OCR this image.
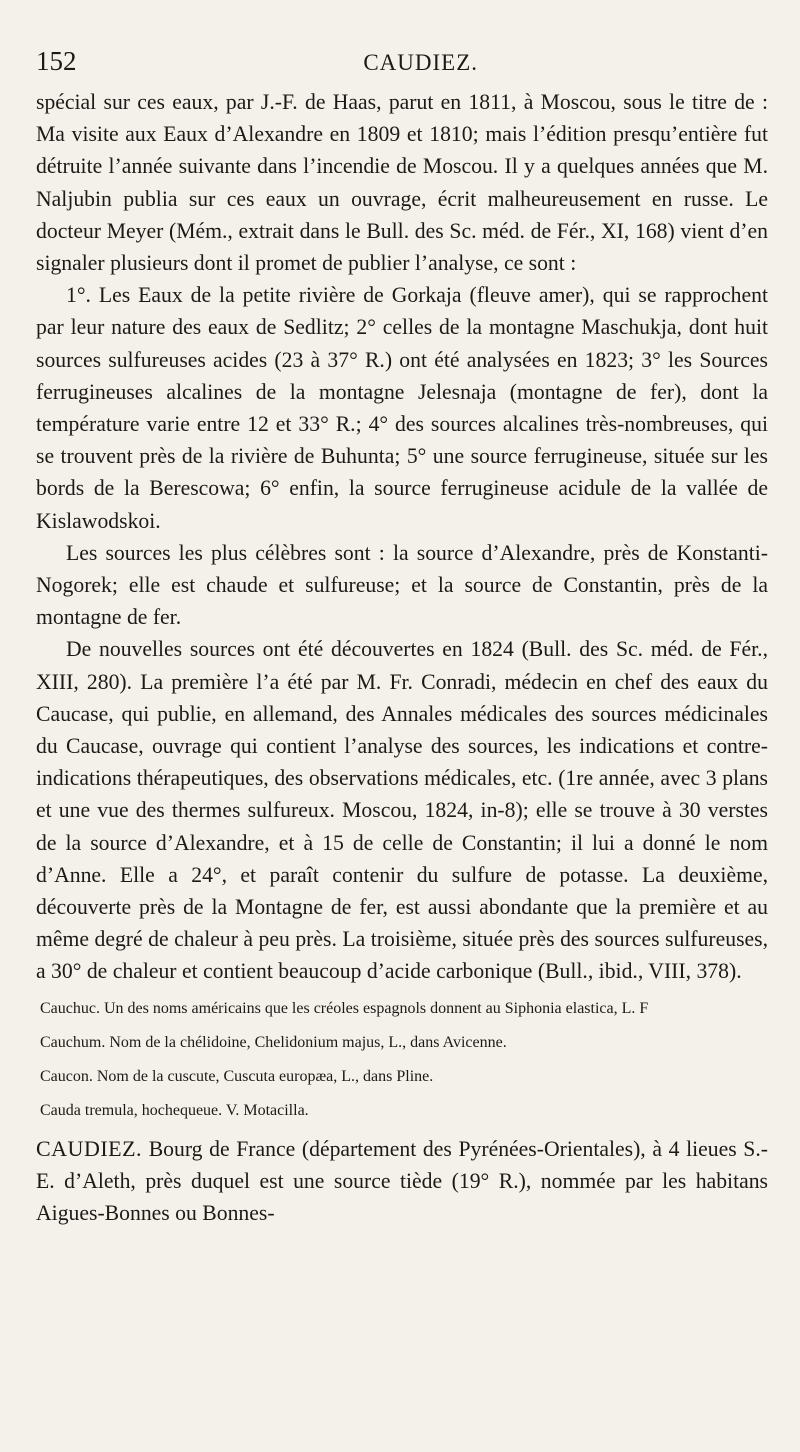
152	CAUDIEZ.

spécial sur ces eaux, par J.-F. de Haas, parut en 1811, à Moscou, sous le titre de : Ma visite aux Eaux d’Alexandre en 1809 et 1810; mais l’édition presqu’entière fut détruite l’année suivante dans l’incendie de Moscou. Il y a quelques années que M. Naljubin publia sur ces eaux un ouvrage, écrit malheureusement en russe. Le docteur Meyer (Mém., extrait dans le Bull. des Sc. méd. de Fér., XI, 168) vient d’en signaler plusieurs dont il promet de publier l’analyse, ce sont :

1°. Les Eaux de la petite rivière de Gorkaja (fleuve amer), qui se rapprochent par leur nature des eaux de Sedlitz; 2° celles de la montagne Maschukja, dont huit sources sulfureuses acides (23 à 37° R.) ont été analysées en 1823; 3° les Sources ferrugineuses alcalines de la montagne Jelesnaja (montagne de fer), dont la température varie entre 12 et 33° R.; 4° des sources alcalines très-nombreuses, qui se trouvent près de la rivière de Buhunta; 5° une source ferrugineuse, située sur les bords de la Berescowa; 6° enfin, la source ferrugineuse acidule de la vallée de Kislawodskoi.

Les sources les plus célèbres sont : la source d’Alexandre, près de Konstanti-Nogorek; elle est chaude et sulfureuse; et la source de Constantin, près de la montagne de fer.

De nouvelles sources ont été découvertes en 1824 (Bull. des Sc. méd. de Fér., XIII, 280). La première l’a été par M. Fr. Conradi, médecin en chef des eaux du Caucase, qui publie, en allemand, des Annales médicales des sources médicinales du Caucase, ouvrage qui contient l’analyse des sources, les indications et contre-indications thérapeutiques, des observations médicales, etc. (1re année, avec 3 plans et une vue des thermes sulfureux. Moscou, 1824, in-8); elle se trouve à 30 verstes de la source d’Alexandre, et à 15 de celle de Constantin; il lui a donné le nom d’Anne. Elle a 24°, et paraît contenir du sulfure de potasse. La deuxième, découverte près de la Montagne de fer, est aussi abondante que la première et au même degré de chaleur à peu près. La troisième, située près des sources sulfureuses, a 30° de chaleur et contient beaucoup d’acide carbonique (Bull., ibid., VIII, 378).

Cauchuc. Un des noms américains que les créoles espagnols donnent au Siphonia elastica, L. F

Cauchum. Nom de la chélidoine, Chelidonium majus, L., dans Avicenne.

Caucon. Nom de la cuscute, Cuscuta europæa, L., dans Pline.

Cauda tremula, hochequeue. V. Motacilla.

CAUDIEZ. Bourg de France (département des Pyrénées-Orientales), à 4 lieues S.-E. d’Aleth, près duquel est une source tiède (19° R.), nommée par les habitans Aigues-Bonnes ou Bonnes-
